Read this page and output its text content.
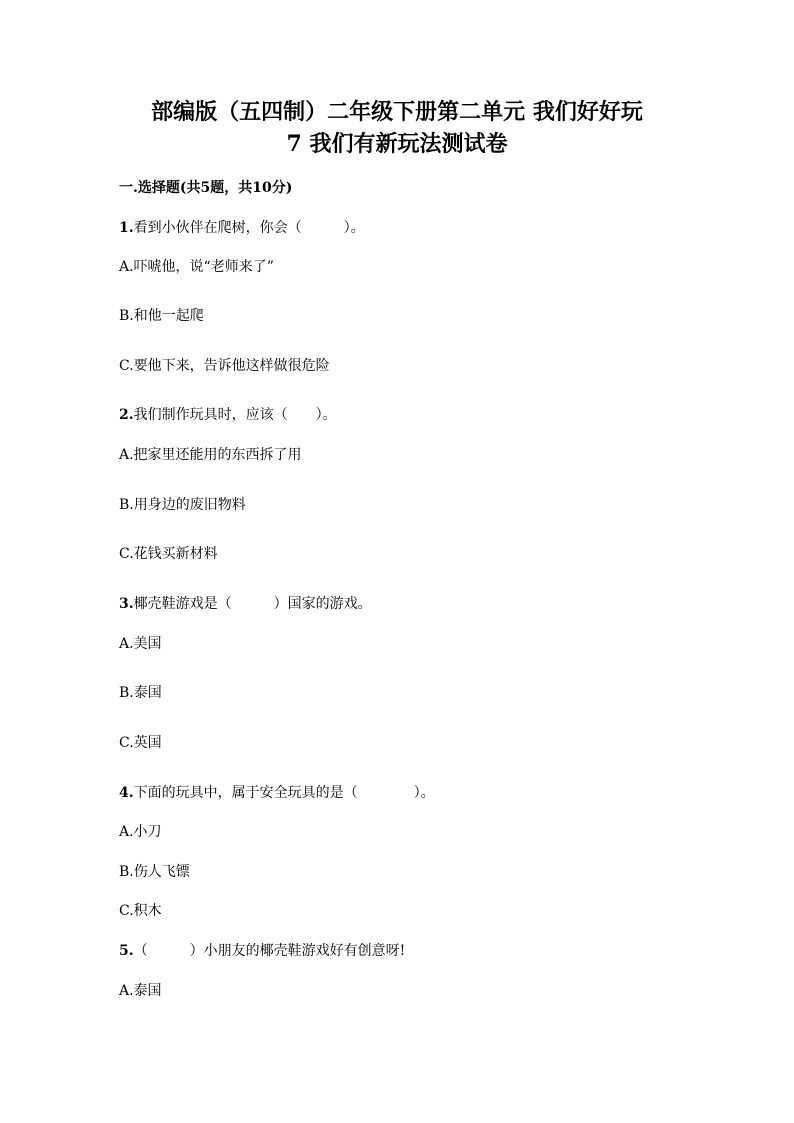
部编版（五四制）二年级下册第二单元 我们好好玩
7 我们有新玩法测试卷
一.选择题(共5题，共10分)
1.看到小伙伴在爬树，你会（　　　）。
A.吓唬他，说“老师来了”
B.和他一起爬
C.要他下来，告诉他这样做很危险
2.我们制作玩具时，应该（　　）。
A.把家里还能用的东西拆了用
B.用身边的废旧物料
C.花钱买新材料
3.椰壳鞋游戏是（　　　）国家的游戏。
A.美国
B.泰国
C.英国
4.下面的玩具中，属于安全玩具的是（　　　　）。
A.小刀
B.伤人飞镖
C.积木
5.（　　　）小朋友的椰壳鞋游戏好有创意呀!
A.泰国
